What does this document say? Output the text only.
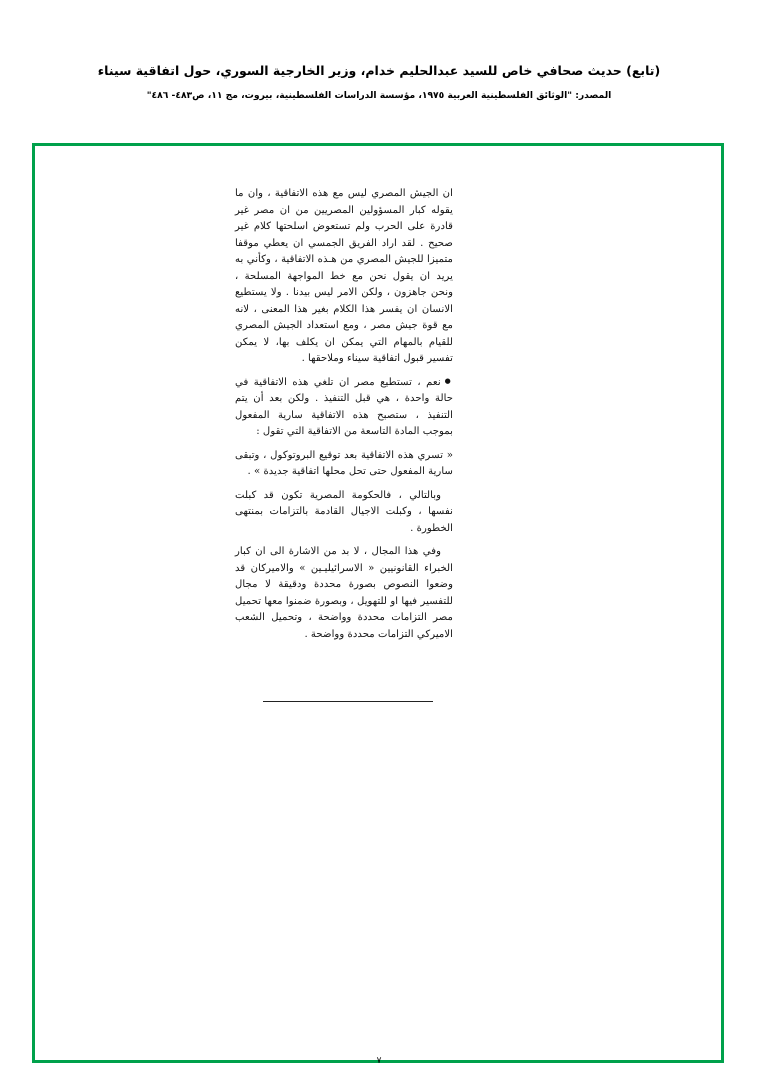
(تابع) حديث صحافي خاص للسيد عبدالحليم خدام، وزير الخارجية السوري، حول اتفاقية سيناء
المصدر: "الوثائق الفلسطينية العربية ١٩٧٥، مؤسسة الدراسات الفلسطينية، بيروت، مج ١١، ص٤٨٣- ٤٨٦"

ان الجيش المصري ليس مع هذه الاتفاقية ، وان ما يقوله كبار المسؤولين المصريين من ان مصر غير قادرة على الحرب ولم تستعوض اسلحتها كلام غير صحيح . لقد اراد الفريق الجمسي ان يعطي موقفا متميزا للجيش المصري من هـذه الاتفاقية ، وكأني به يريد ان يقول نحن مع خط المواجهة المسلحة ، ونحن جاهزون ، ولكن الامر ليس بيدنا . ولا يستطيع الانسان ان يفسر هذا الكلام بغير هذا المعنى ، لانه مع قوة جيش مصر ، ومع استعداد الجيش المصري للقيام بالمهام التي يمكن ان يكلف بها، لا يمكن تفسير قبول اتفاقية سيناء وملاحقها .

● نعم ، تستطيع مصر ان تلغي هذه الاتفاقية في حالة واحدة ، هي قبل التنفيذ . ولكن بعد أن يتم التنفيذ ، ستصبح هذه الاتفاقية سارية المفعول بموجب المادة التاسعة من الاتفاقية التي تقول :

« تسري هذه الاتفاقية بعد توقيع البروتوكول ، وتبقى سارية المفعول حتى تحل محلها اتفاقية جديدة » .

وبالتالي ، فالحكومة المصرية تكون قد كبلت نفسها ، وكبلت الاجيال القادمة بالتزامات بمنتهى الخطورة .

وفي هذا المجال ، لا بد من الاشارة الى ان كبار الخبراء القانونيين « الاسرائيليـين » والاميركان قد وضعوا النصوص بصورة محددة ودقيقة لا مجال للتفسير فيها او للتهويل ، وبصورة ضمنوا معها تحميل مصر التزامات محددة وواضحة ، وتحميل الشعب الاميركي التزامات محددة وواضحة .

٧
